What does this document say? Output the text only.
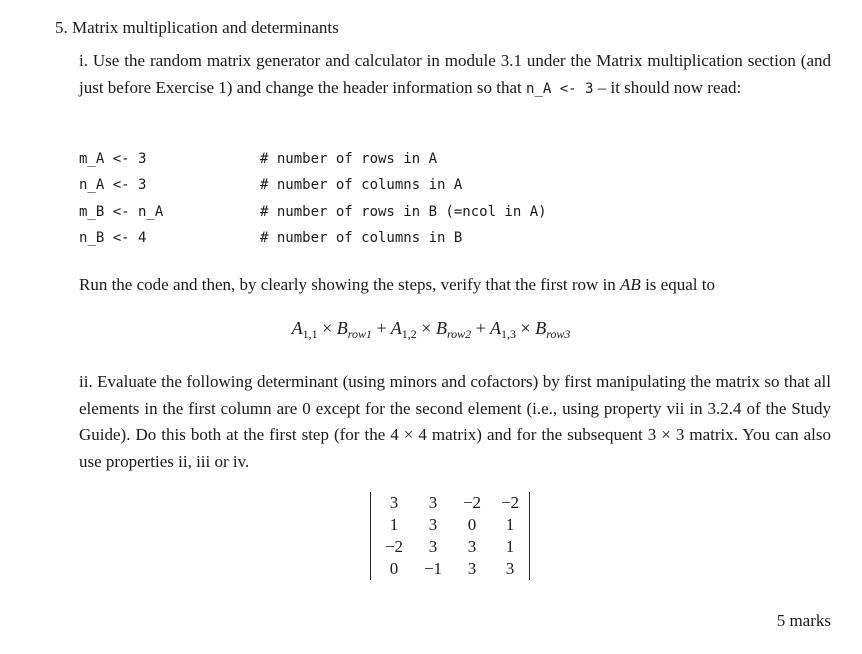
5. Matrix multiplication and determinants

i. Use the random matrix generator and calculator in module 3.1 under the Matrix multiplication section (and just before Exercise 1) and change the header information so that n_A <- 3 – it should now read:

m_A <- 3	# number of rows in A
n_A <- 3	# number of columns in A
m_B <- n_A	# number of rows in B (=ncol in A)
n_B <- 4	# number of columns in B

Run the code and then, by clearly showing the steps, verify that the first row in AB is equal to

$A_{1,1} \times B_{row1} + A_{1,2} \times B_{row2} + A_{1,3} \times B_{row3}$

ii. Evaluate the following determinant (using minors and cofactors) by first manipulating the matrix so that all elements in the first column are 0 except for the second element (i.e., using property vii in 3.2.4 of the Study Guide). Do this both at the first step (for the 4 × 4 matrix) and for the subsequent 3 × 3 matrix. You can also use properties ii, iii or iv.

3	3	−2	−2
1	3	0	1
−2	3	3	1
0	−1	3	3
5 marks
